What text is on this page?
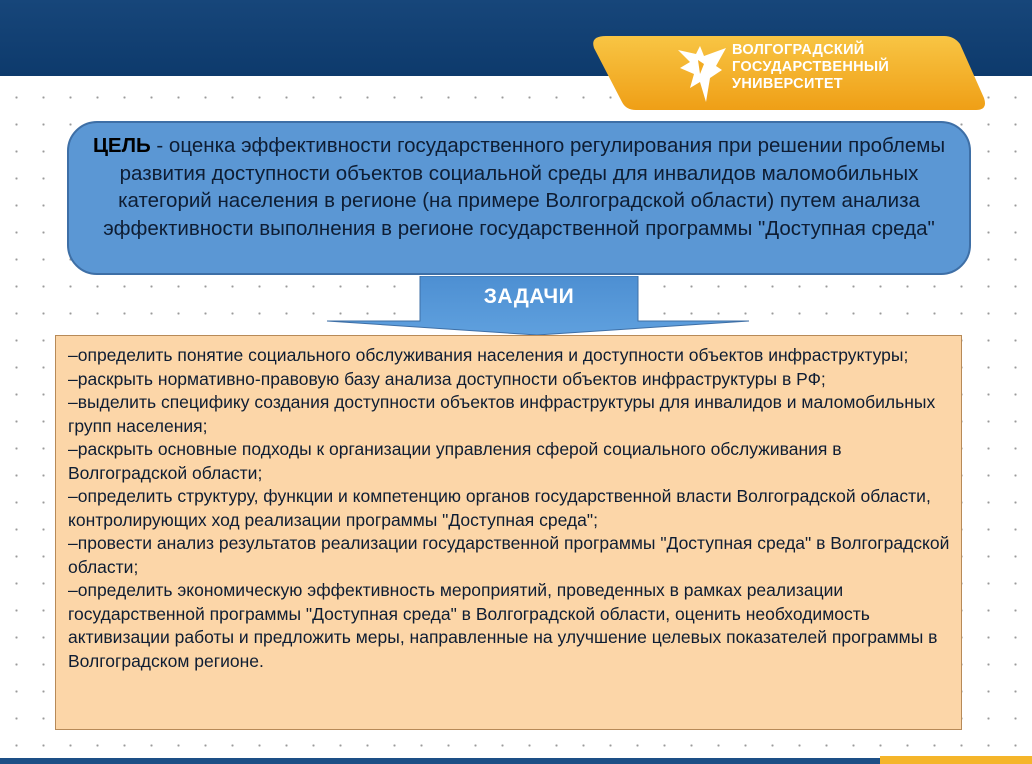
ВОЛГОГРАДСКИЙ
ГОСУДАРСТВЕННЫЙ
УНИВЕРСИТЕТ
ЦЕЛЬ - оценка эффективности государственного регулирования при решении проблемы развития доступности объектов социальной среды для инвалидов маломобильных категорий населения в регионе (на примере Волгоградской области) путем анализа эффективности выполнения в регионе государственной программы "Доступная среда"
ЗАДАЧИ

–определить понятие социального обслуживания населения и доступности объектов инфраструктуры;

–раскрыть нормативно-правовую базу анализа доступности объектов инфраструктуры в РФ;

–выделить специфику создания доступности объектов инфраструктуры для инвалидов и маломобильных групп населения;

–раскрыть основные подходы к организации управления сферой социального обслуживания в Волгоградской области;

–определить структуру, функции и компетенцию органов государственной власти Волгоградской области, контролирующих ход реализации программы "Доступная среда";

–провести анализ результатов реализации государственной программы "Доступная среда" в Волгоградской области;

–определить экономическую эффективность мероприятий, проведенных в рамках реализации государственной программы "Доступная среда" в Волгоградской области, оценить необходимость активизации работы и предложить меры, направленные на улучшение целевых показателей программы в Волгоградском регионе.
